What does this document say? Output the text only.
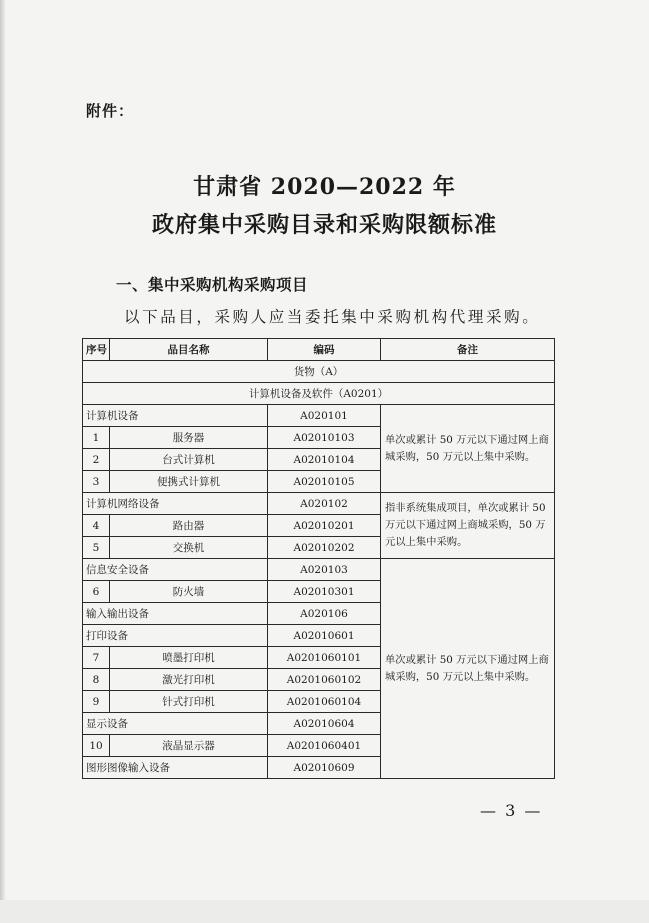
附件：
甘肃省 2020—2022 年
政府集中采购目录和采购限额标准
一、集中采购机构采购项目
以下品目，采购人应当委托集中采购机构代理采购。
序号	品目名称	编码	备注
货物（A）			
计算机设备及软件（A0201）			
计算机设备		A020101	单次或累计 50 万元以下通过网上商城采购，50 万元以上集中采购。
1	服务器	A02010103	
2	台式计算机	A02010104	
3	便携式计算机	A02010105	
计算机网络设备		A020102	指非系统集成项目，单次或累计 50 万元以下通过网上商城采购，50 万元以上集中采购。
4	路由器	A02010201	
5	交换机	A02010202	
信息安全设备		A020103	单次或累计 50 万元以下通过网上商城采购，50 万元以上集中采购。
6	防火墙	A02010301	
输入输出设备		A020106	
打印设备		A02010601	
7	喷墨打印机	A0201060101	
8	激光打印机	A0201060102	
9	针式打印机	A0201060104	
显示设备		A02010604	
10	液晶显示器	A0201060401	
图形图像输入设备		A02010609	
— 3 —
